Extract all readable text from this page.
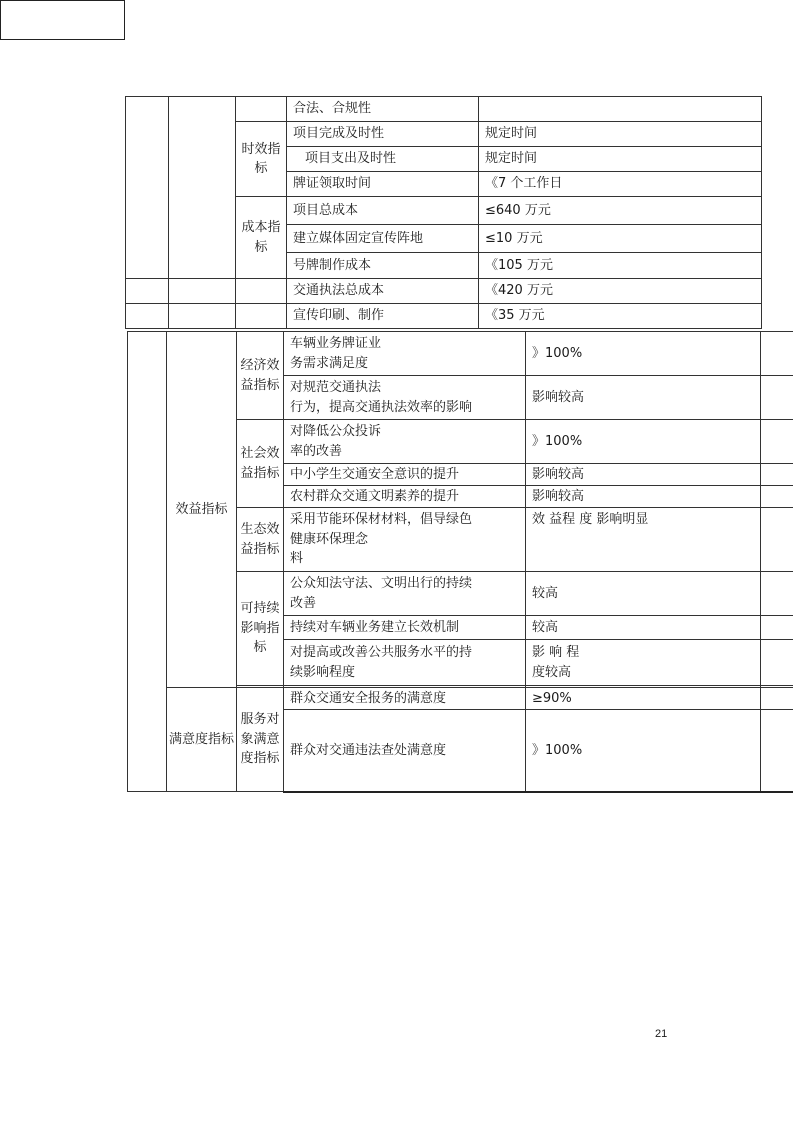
			合法、合规性	
		时效指标	项目完成及时性	规定时间
			项目支出及时性	规定时间
			牌证领取时间	《7 个工作日
		成本指标	项目总成本	≤640 万元
			建立媒体固定宣传阵地	≤10 万元
			号牌制作成本	《105 万元
			交通执法总成本	《420 万元
			宣传印刷、制作	《35 万元
	效益指标	经济效益指标	车辆业务牌证业
务需求满足度	》100%	
			对规范交通执法
行为，提高交通执法效率的影响	影响较高	
		社会效益指标	对降低公众投诉
率的改善	》100%	
			中小学生交通安全意识的提升	影响较高	
			农村群众交通文明素养的提升	影响较高	
		生态效益指标	采用节能环保材材料，倡导绿色
健康环保理念
料	效 益程 度 影响明显	
		可持续影响指标	公众知法守法、文明出行的持续
改善	较高	
			持续对车辆业务建立长效机制	较高	
			对提高或改善公共服务水平的持
续影响程度	影 响 程
度较高	

	满意度指标	服务对象满意度指标	群众交通安全报务的满意度	≥90%	
			群众对交通违法查处满意度	》100%	
21
